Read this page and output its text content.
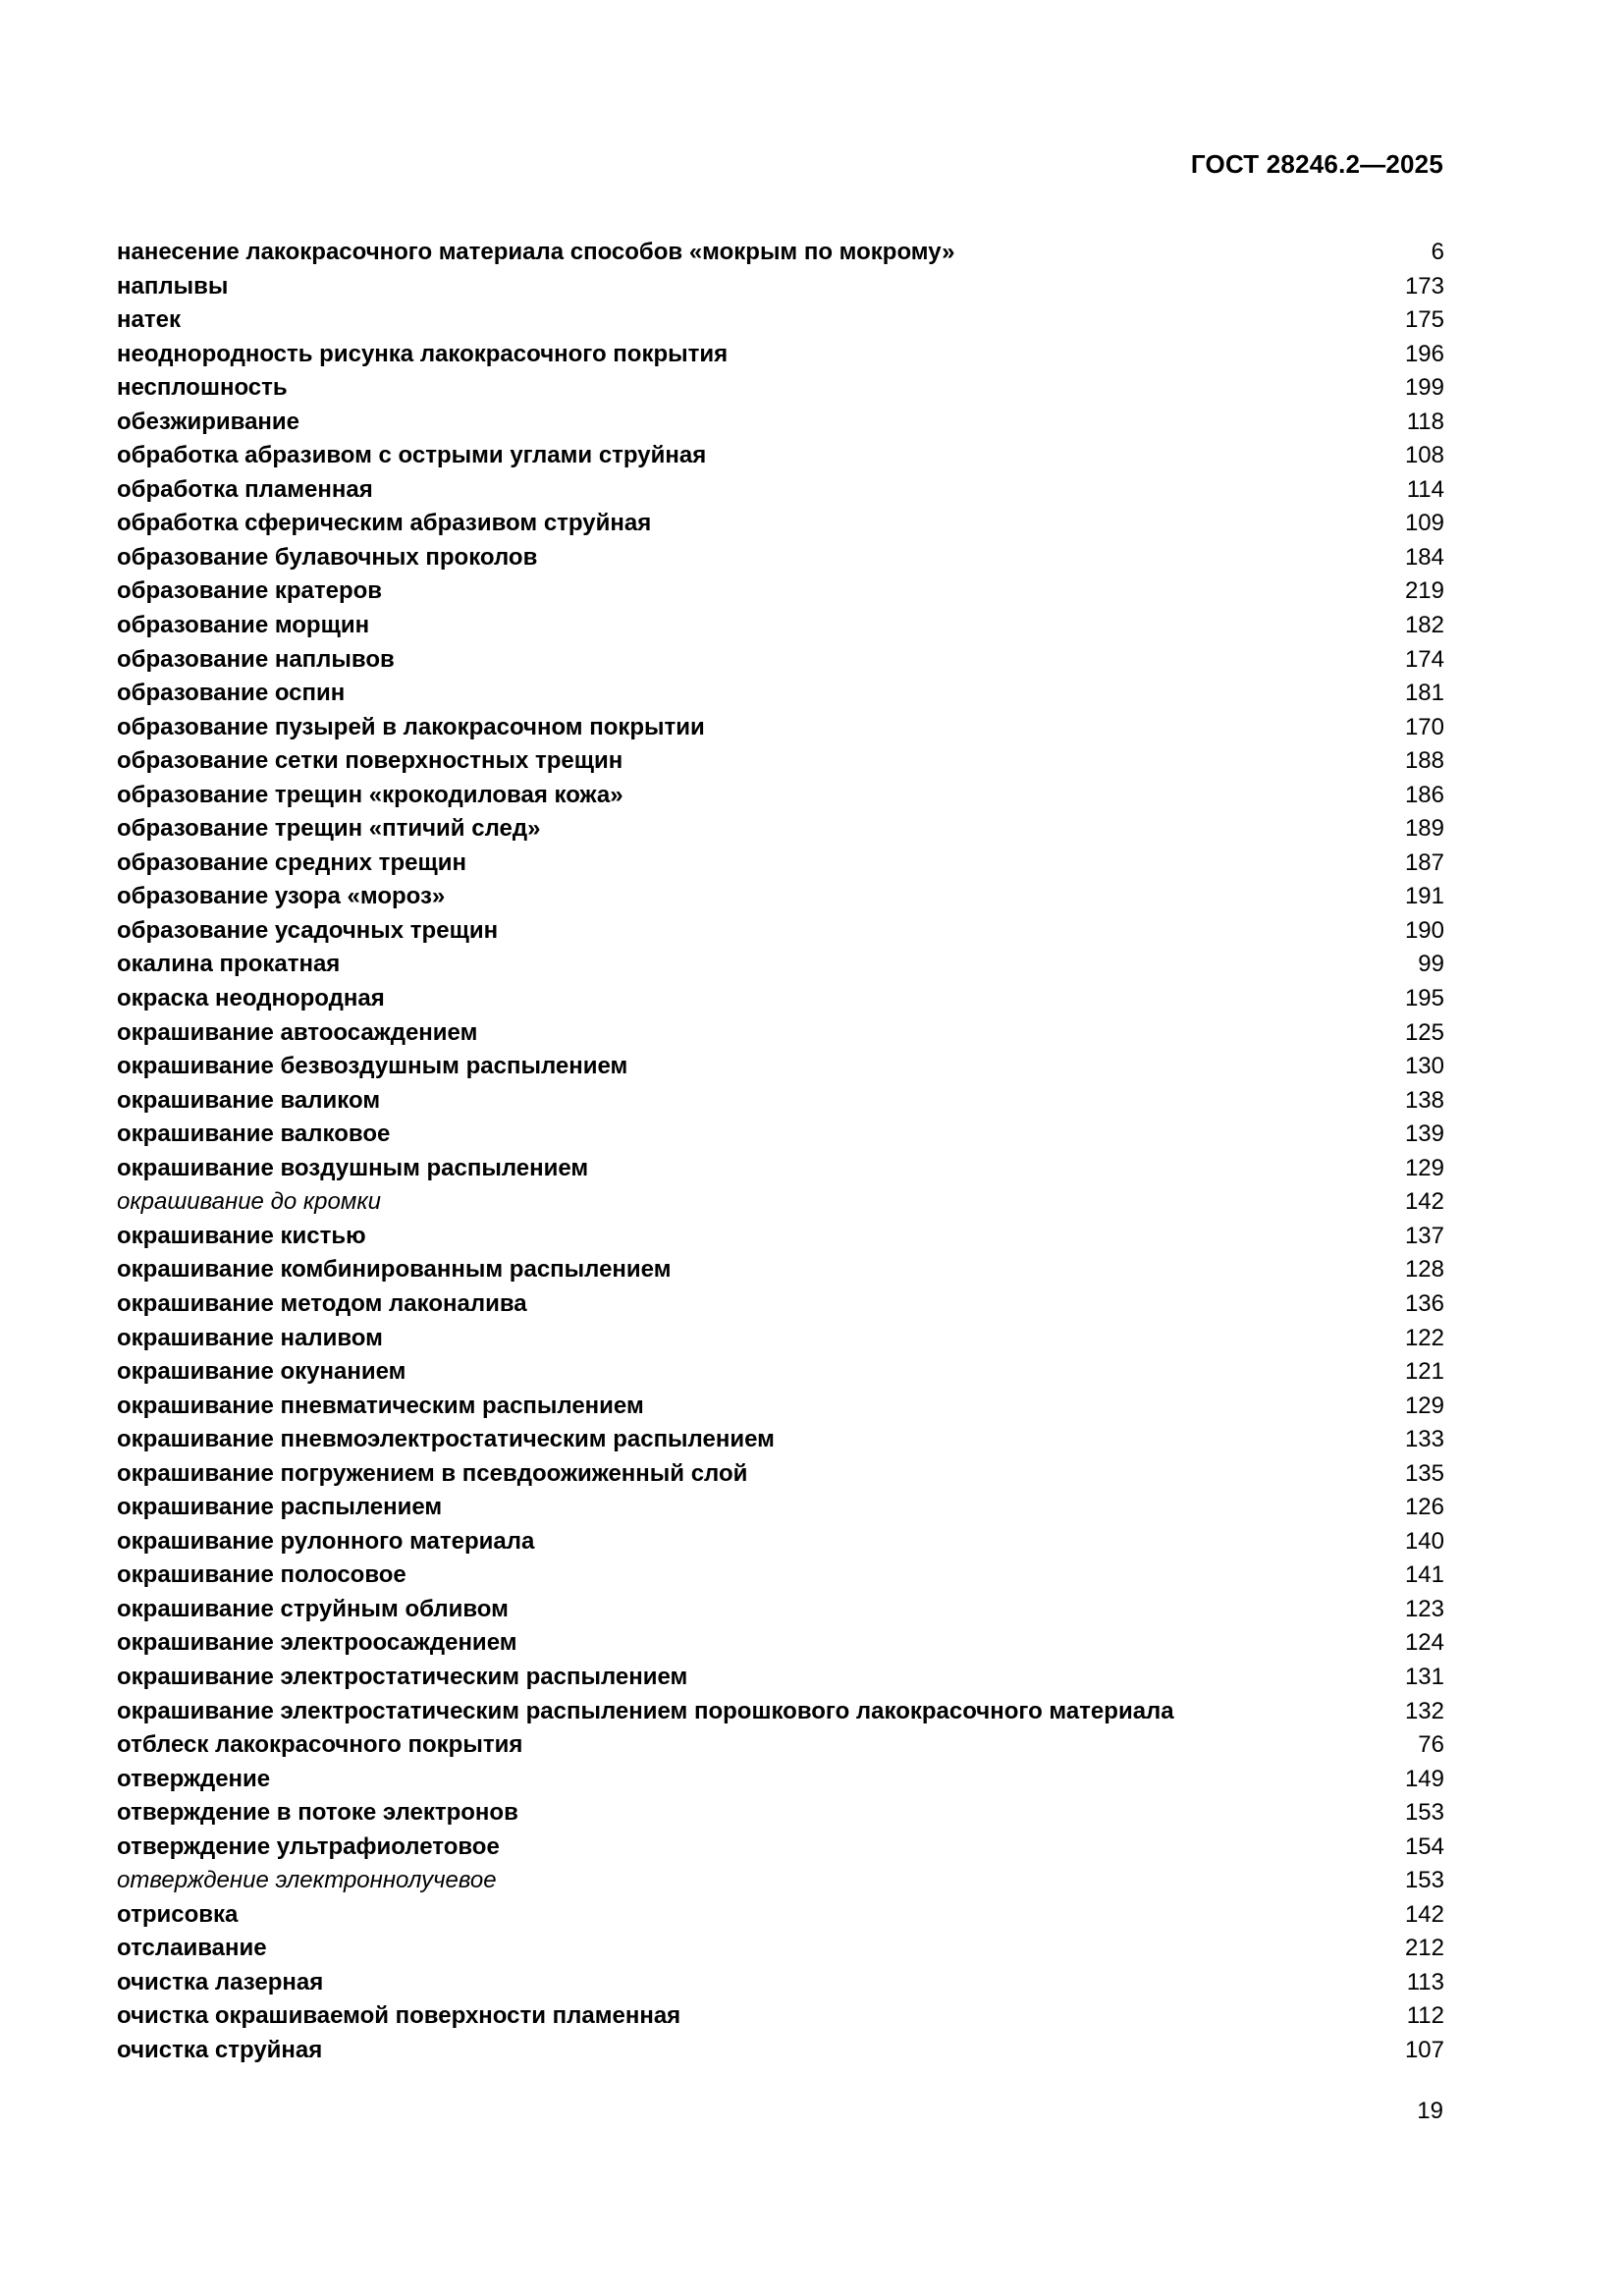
ГОСТ 28246.2—2025
нанесение лакокрасочного материала способов «мокрым по мокрому»	6
наплывы	173
натек	175
неоднородность рисунка лакокрасочного покрытия	196
несплошность	199
обезжиривание	118
обработка абразивом с острыми углами струйная	108
обработка пламенная	114
обработка сферическим абразивом струйная	109
образование булавочных проколов	184
образование кратеров	219
образование морщин	182
образование наплывов	174
образование оспин	181
образование пузырей в лакокрасочном покрытии	170
образование сетки поверхностных трещин	188
образование трещин «крокодиловая кожа»	186
образование трещин «птичий след»	189
образование средних трещин	187
образование узора «мороз»	191
образование усадочных трещин	190
окалина прокатная	99
окраска неоднородная	195
окрашивание автоосаждением	125
окрашивание безвоздушным распылением	130
окрашивание валиком	138
окрашивание валковое	139
окрашивание воздушным распылением	129
окрашивание до кромки	142
окрашивание кистью	137
окрашивание комбинированным распылением	128
окрашивание методом лаконалива	136
окрашивание наливом	122
окрашивание окунанием	121
окрашивание пневматическим распылением	129
окрашивание пневмоэлектростатическим распылением	133
окрашивание погружением в псевдоожиженный слой	135
окрашивание распылением	126
окрашивание рулонного материала	140
окрашивание полосовое	141
окрашивание струйным обливом	123
окрашивание электроосаждением	124
окрашивание электростатическим распылением	131
окрашивание электростатическим распылением порошкового лакокрасочного материала	132
отблеск лакокрасочного покрытия	76
отверждение	149
отверждение в потоке электронов	153
отверждение ультрафиолетовое	154
отверждение электроннолучевое	153
отрисовка	142
отслаивание	212
очистка лазерная	113
очистка окрашиваемой поверхности пламенная	112
очистка струйная	107
19
